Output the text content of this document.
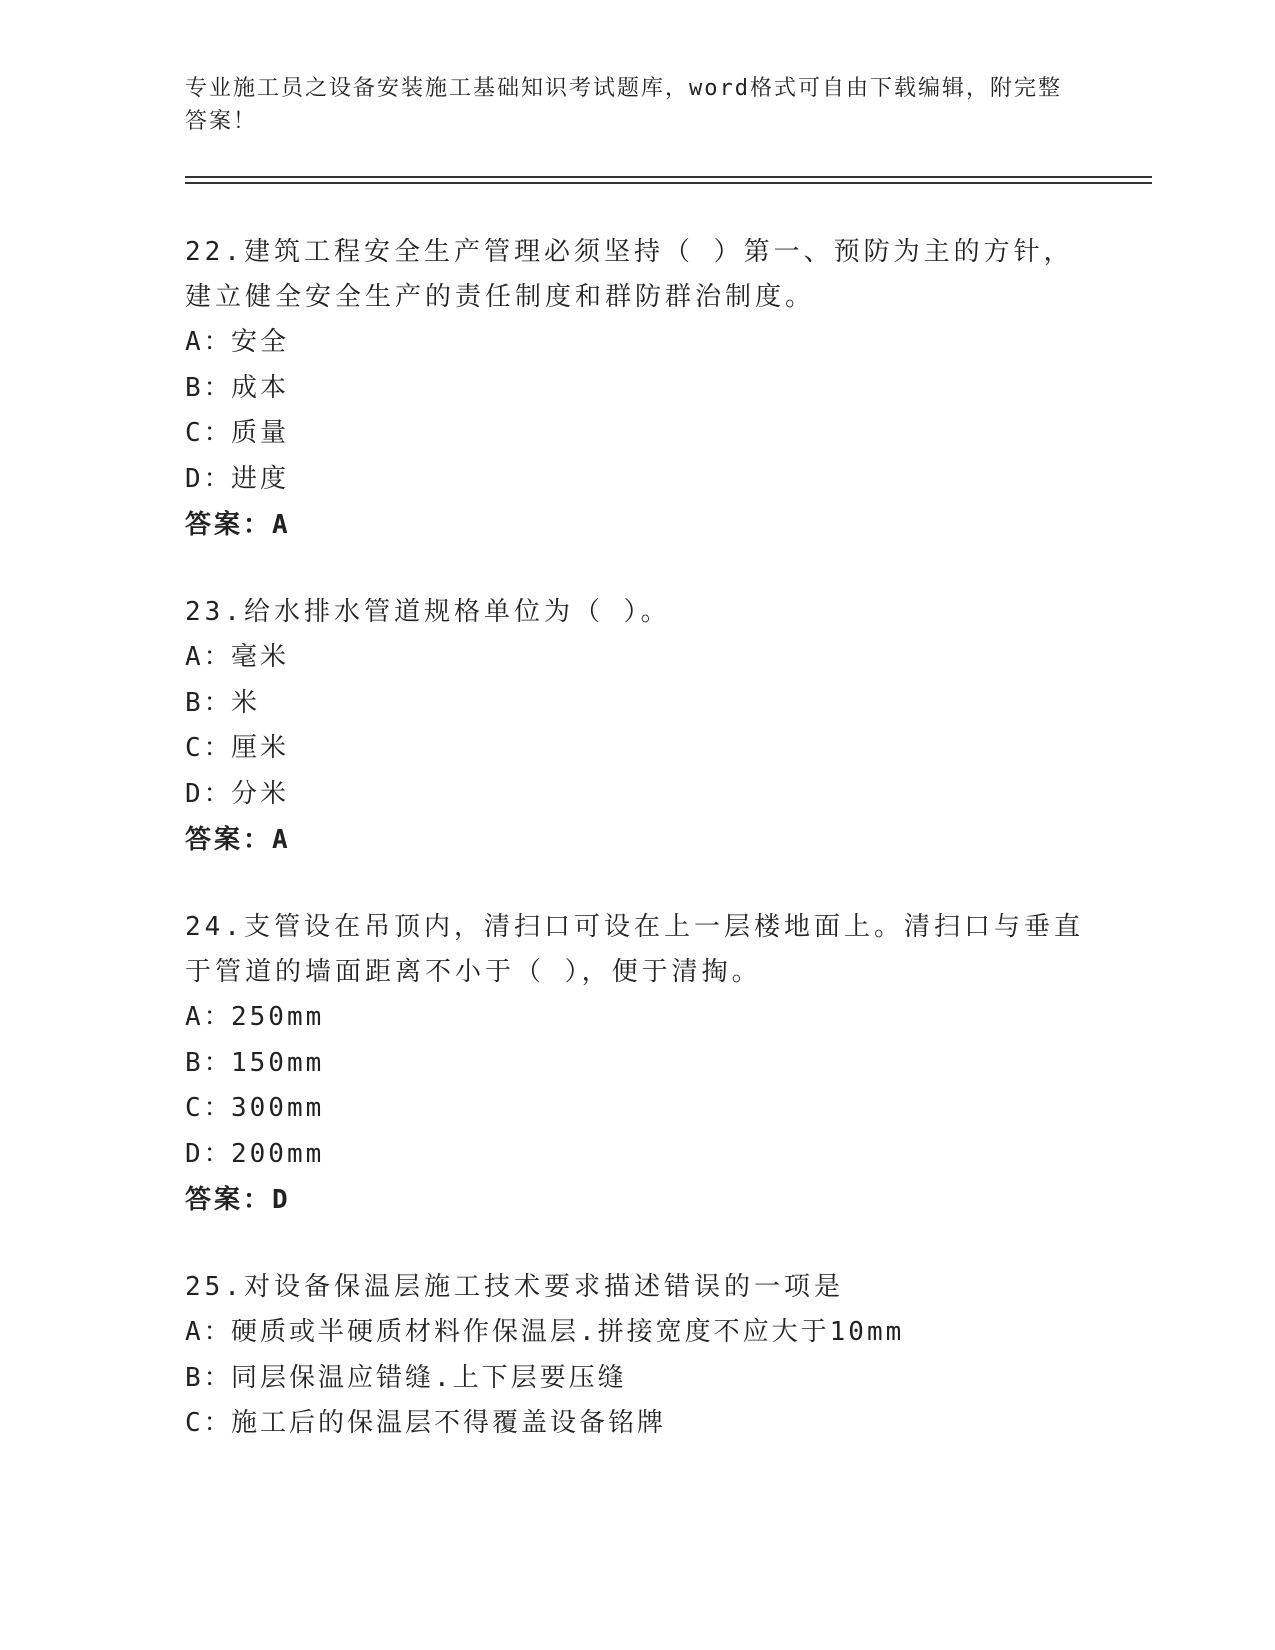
专业施工员之设备安装施工基础知识考试题库，word格式可自由下载编辑，附完整答案！
22.建筑工程安全生产管理必须坚持（ ）第一、预防为主的方针，建立健全安全生产的责任制度和群防群治制度。
A：安全
B：成本
C：质量
D：进度
答案：A
23.给水排水管道规格单位为（ ）。
A：毫米
B：米
C：厘米
D：分米
答案：A
24.支管设在吊顶内，清扫口可设在上一层楼地面上。清扫口与垂直于管道的墙面距离不小于（ ），便于清掏。
A：250mm
B：150mm
C：300mm
D：200mm
答案：D
25.对设备保温层施工技术要求描述错误的一项是
A：硬质或半硬质材料作保温层.拼接宽度不应大于10mm
B：同层保温应错缝.上下层要压缝
C：施工后的保温层不得覆盖设备铭牌
